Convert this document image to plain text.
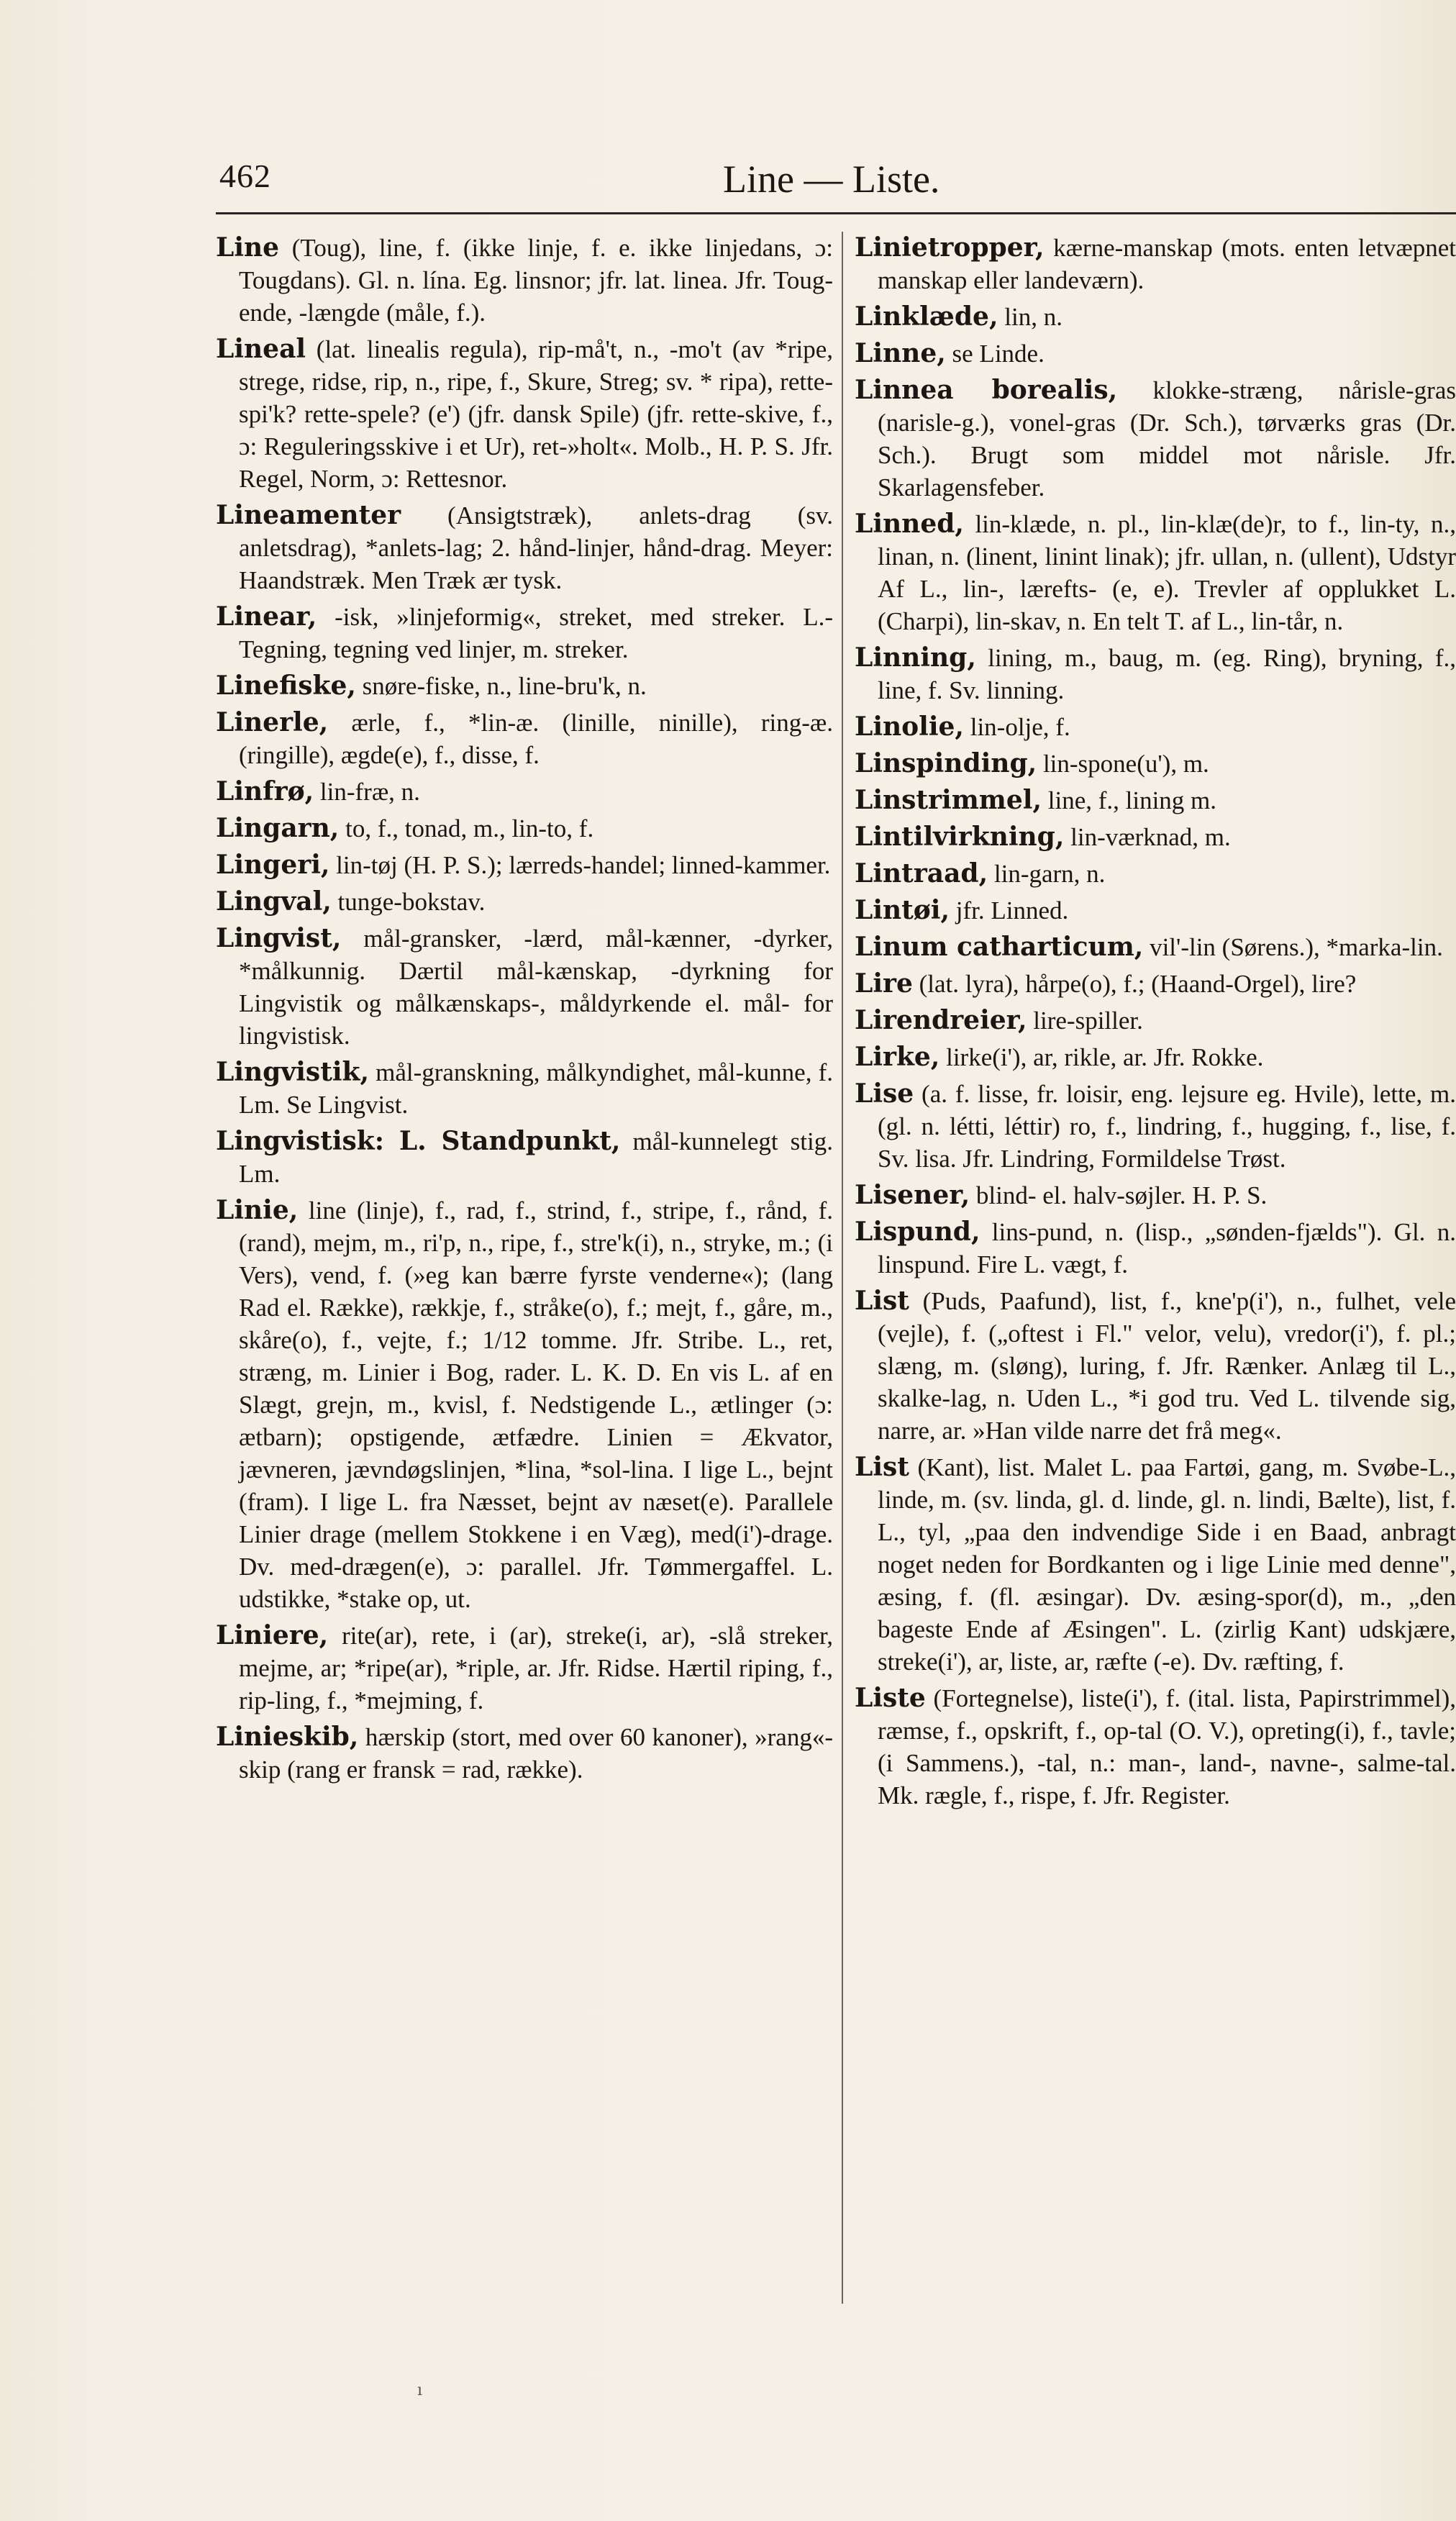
462	Line — Liste.

Line (Toug), line, f. (ikke linje, f. e. ikke linjedans, ɔ: Tougdans). Gl. n. lína. Eg. linsnor; jfr. lat. linea. Jfr. Toug-ende, -længde (måle, f.).

Lineal (lat. linealis regula), rip-må't, n., -mo't (av *ripe, strege, ridse, rip, n., ripe, f., Skure, Streg; sv. * ripa), rette-spi'k? rette-spele? (e') (jfr. dansk Spile) (jfr. rette-skive, f., ɔ: Reguleringsskive i et Ur), ret-»holt«. Molb., H. P. S. Jfr. Regel, Norm, ɔ: Rettesnor.

Lineamenter (Ansigtstræk), anlets-drag (sv. anletsdrag), *anlets-lag; 2. hånd-linjer, hånd-drag. Meyer: Haandstræk. Men Træk ær tysk.

Linear, -isk, »linjeformig«, streket, med streker. L.-Tegning, tegning ved linjer, m. streker.

Linefiske, snøre-fiske, n., line-bru'k, n.

Linerle, ærle, f., *lin-æ. (linille, ninille), ring-æ. (ringille), ægde(e), f., disse, f.

Linfrø, lin-fræ, n.

Lingarn, to, f., tonad, m., lin-to, f.

Lingeri, lin-tøj (H. P. S.); lærreds-handel; linned-kammer.

Lingval, tunge-bokstav.

Lingvist, mål-gransker, -lærd, mål-kænner, -dyrker, *målkunnig. Dærtil mål-kænskap, -dyrkning for Lingvistik og målkænskaps-, måldyrkende el. mål- for lingvistisk.

Lingvistik, mål-granskning, målkyndighet, mål-kunne, f. Lm. Se Lingvist.

Lingvistisk: L. Standpunkt, mål-kunnelegt stig. Lm.

Linie, line (linje), f., rad, f., strind, f., stripe, f., rånd, f. (rand), mejm, m., ri'p, n., ripe, f., stre'k(i), n., stryke, m.; (i Vers), vend, f. (»eg kan bærre fyrste venderne«); (lang Rad el. Række), rækkje, f., stråke(o), f.; mejt, f., gåre, m., skåre(o), f., vejte, f.; 1/12 tomme. Jfr. Stribe. L., ret, stræng, m. Linier i Bog, rader. L. K. D. En vis L. af en Slægt, grejn, m., kvisl, f. Nedstigende L., ætlinger (ɔ: ætbarn); opstigende, ætfædre. Linien = Ækvator, jævneren, jævndøgslinjen, *lina, *sol-lina. I lige L., bejnt (fram). I lige L. fra Næsset, bejnt av næset(e). Parallele Linier drage (mellem Stokkene i en Væg), med(i')-drage. Dv. med-drægen(e), ɔ: parallel. Jfr. Tømmergaffel. L. udstikke, *stake op, ut.

Liniere, rite(ar), rete, i (ar), streke(i, ar), -slå streker, mejme, ar; *ripe(ar), *riple, ar. Jfr. Ridse. Hærtil riping, f., rip-ling, f., *mejming, f.

Linieskib, hærskip (stort, med over 60 kanoner), »rang«-skip (rang er fransk = rad, række).

Linietropper, kærne-manskap (mots. enten letvæpnet manskap eller landeværn).

Linklæde, lin, n.

Linne, se Linde.

Linnea borealis, klokke-stræng, nårisle-gras (narisle-g.), vonel-gras (Dr. Sch.), tørværks gras (Dr. Sch.). Brugt som middel mot nårisle. Jfr. Skarlagensfeber.

Linned, lin-klæde, n. pl., lin-klæ(de)r, to f., lin-ty, n., linan, n. (linent, linint linak); jfr. ullan, n. (ullent), Udstyr Af L., lin-, lærefts- (e, e). Trevler af opplukket L. (Charpi), lin-skav, n. En telt T. af L., lin-tår, n.

Linning, lining, m., baug, m. (eg. Ring), bryning, f., line, f. Sv. linning.

Linolie, lin-olje, f.

Linspinding, lin-spone(u'), m.

Linstrimmel, line, f., lining m.

Lintilvirkning, lin-værknad, m.

Lintraad, lin-garn, n.

Lintøi, jfr. Linned.

Linum catharticum, vil'-lin (Sørens.), *marka-lin.

Lire (lat. lyra), hårpe(o), f.; (Haand-Orgel), lire?

Lirendreier, lire-spiller.

Lirke, lirke(i'), ar, rikle, ar. Jfr. Rokke.

Lise (a. f. lisse, fr. loisir, eng. lejsure eg. Hvile), lette, m. (gl. n. létti, léttir) ro, f., lindring, f., hugging, f., lise, f. Sv. lisa. Jfr. Lindring, Formildelse Trøst.

Lisener, blind- el. halv-søjler. H. P. S.

Lispund, lins-pund, n. (lisp., „sønden-fjælds"). Gl. n. linspund. Fire L. vægt, f.

List (Puds, Paafund), list, f., kne'p(i'), n., fulhet, vele (vejle), f. („oftest i Fl." velor, velu), vredor(i'), f. pl.; slæng, m. (sløng), luring, f. Jfr. Rænker. Anlæg til L., skalke-lag, n. Uden L., *i god tru. Ved L. tilvende sig, narre, ar. »Han vilde narre det frå meg«.

List (Kant), list. Malet L. paa Fartøi, gang, m. Svøbe-L., linde, m. (sv. linda, gl. d. linde, gl. n. lindi, Bælte), list, f. L., tyl, „paa den indvendige Side i en Baad, anbragt noget neden for Bordkanten og i lige Linie med denne", æsing, f. (fl. æsingar). Dv. æsing-spor(d), m., „den bageste Ende af Æsingen". L. (zirlig Kant) udskjære, streke(i'), ar, liste, ar, ræfte (-e). Dv. ræfting, f.

Liste (Fortegnelse), liste(i'), f. (ital. lista, Papirstrimmel), ræmse, f., opskrift, f., op-tal (O. V.), opreting(i), f., tavle; (i Sammens.), -tal, n.: man-, land-, navne-, salme-tal. Mk. rægle, f., rispe, f. Jfr. Register.

ı
